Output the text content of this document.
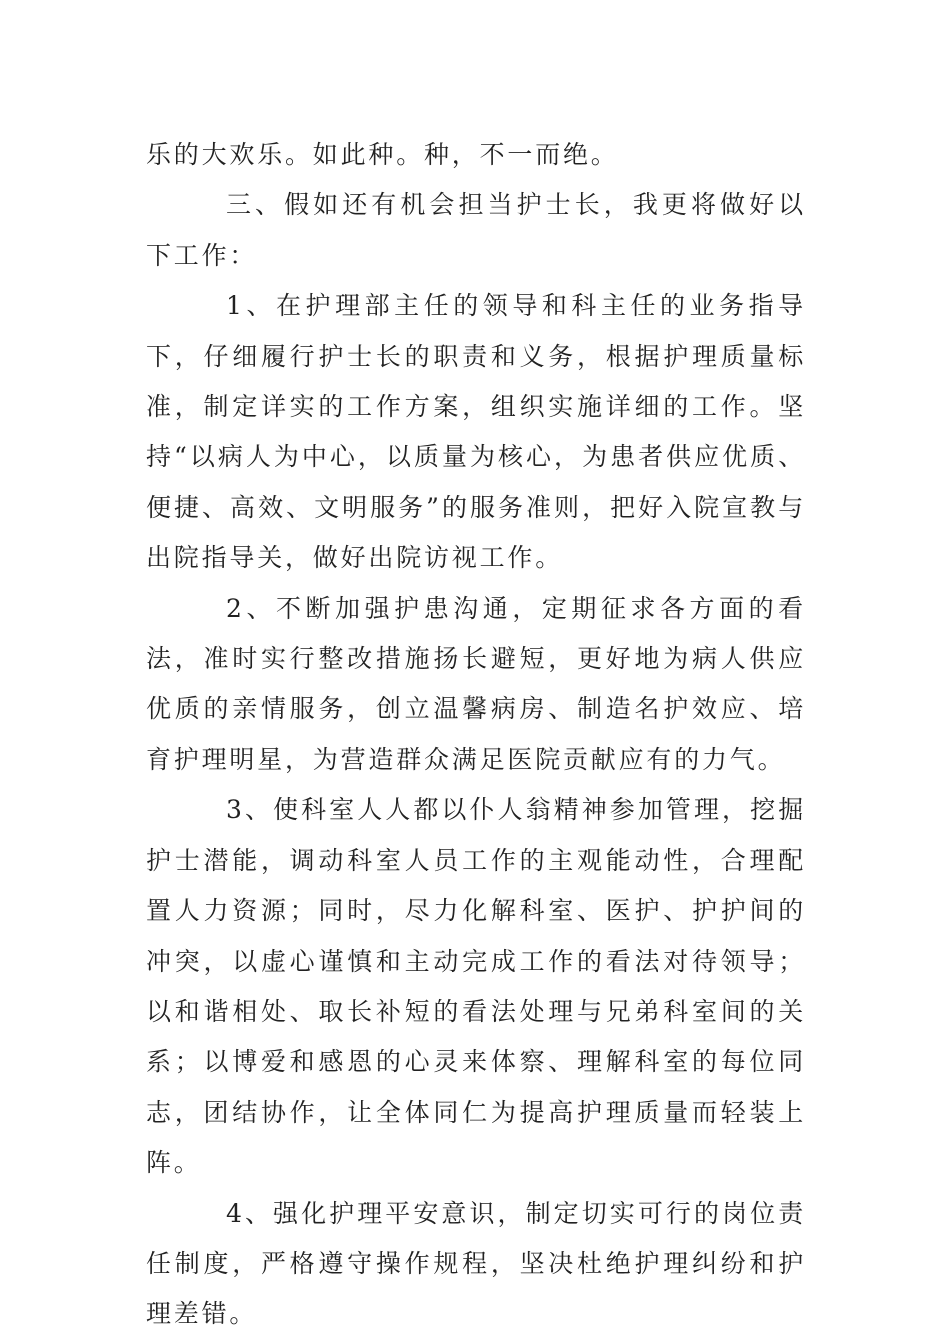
乐的大欢乐。如此种。种，不一而绝。

三、假如还有机会担当护士长，我更将做好以下工作：

1、在护理部主任的领导和科主任的业务指导下，仔细履行护士长的职责和义务，根据护理质量标准，制定详实的工作方案，组织实施详细的工作。坚持“以病人为中心，以质量为核心，为患者供应优质、便捷、高效、文明服务”的服务准则，把好入院宣教与出院指导关，做好出院访视工作。

2、不断加强护患沟通，定期征求各方面的看法，准时实行整改措施扬长避短，更好地为病人供应优质的亲情服务，创立温馨病房、制造名护效应、培育护理明星，为营造群众满足医院贡献应有的力气。

3、使科室人人都以仆人翁精神参加管理，挖掘护士潜能，调动科室人员工作的主观能动性，合理配置人力资源；同时，尽力化解科室、医护、护护间的冲突，以虚心谨慎和主动完成工作的看法对待领导；以和谐相处、取长补短的看法处理与兄弟科室间的关系；以博爱和感恩的心灵来体察、理解科室的每位同志，团结协作，让全体同仁为提高护理质量而轻装上阵。

4、强化护理平安意识，制定切实可行的岗位责任制度，严格遵守操作规程，坚决杜绝护理纠纷和护理差错。
